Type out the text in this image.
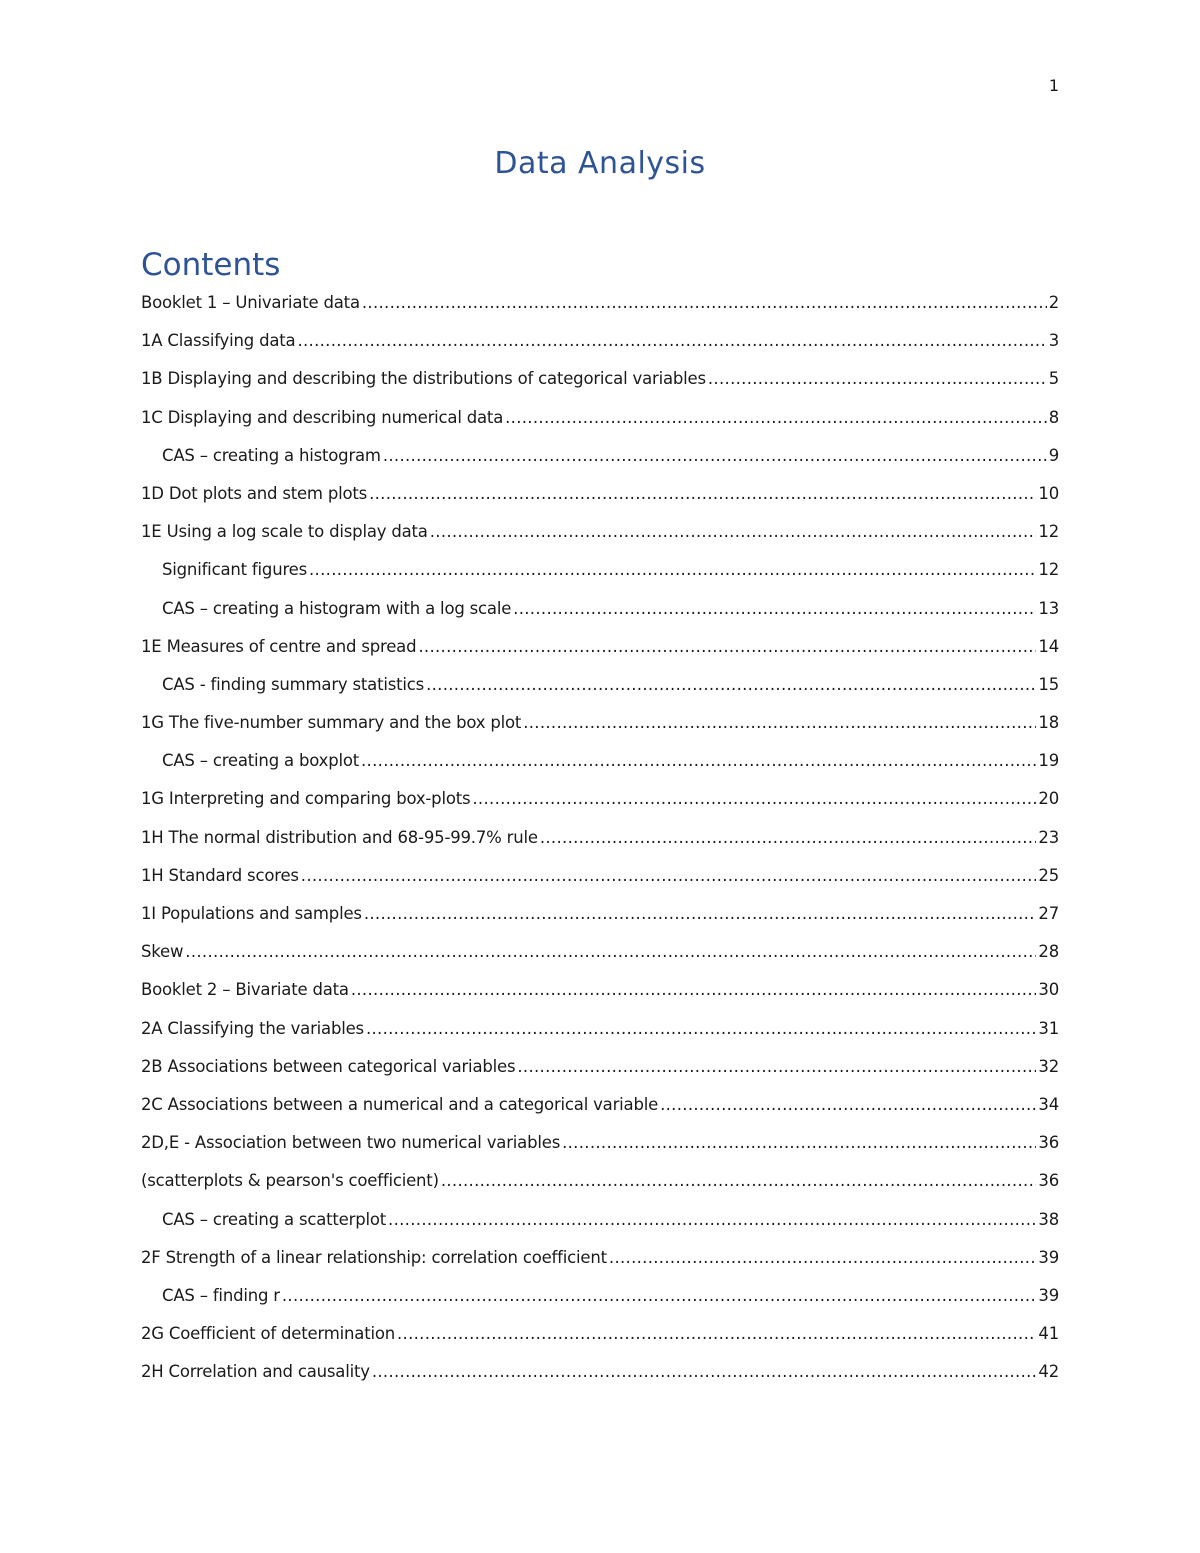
1
Data Analysis
Contents
Booklet 1 – Univariate data .....	2
1A Classifying data .....	3
1B Displaying and describing the distributions of categorical variables .....	5
1C Displaying and describing numerical data .....	8
CAS – creating a histogram .....	9
1D Dot plots and stem plots .....	10
1E Using a log scale to display data .....	12
Significant figures .....	12
CAS – creating a histogram with a log scale .....	13
1E Measures of centre and spread .....	14
CAS - finding summary statistics .....	15
1G The five-number summary and the box plot .....	18
CAS – creating a boxplot .....	19
1G Interpreting and comparing box-plots .....	20
1H The normal distribution and 68-95-99.7% rule .....	23
1H Standard scores .....	25
1I Populations and samples .....	27
Skew .....	28
Booklet 2 – Bivariate data .....	30
2A Classifying the variables .....	31
2B Associations between categorical variables .....	32
2C Associations between a numerical and a categorical variable .....	34
2D,E - Association between two numerical variables .....	36
(scatterplots & pearson's coefficient) .....	36
CAS – creating a scatterplot .....	38
2F Strength of a linear relationship: correlation coefficient .....	39
CAS – finding r .....	39
2G Coefficient of determination .....	41
2H Correlation and causality .....	42
